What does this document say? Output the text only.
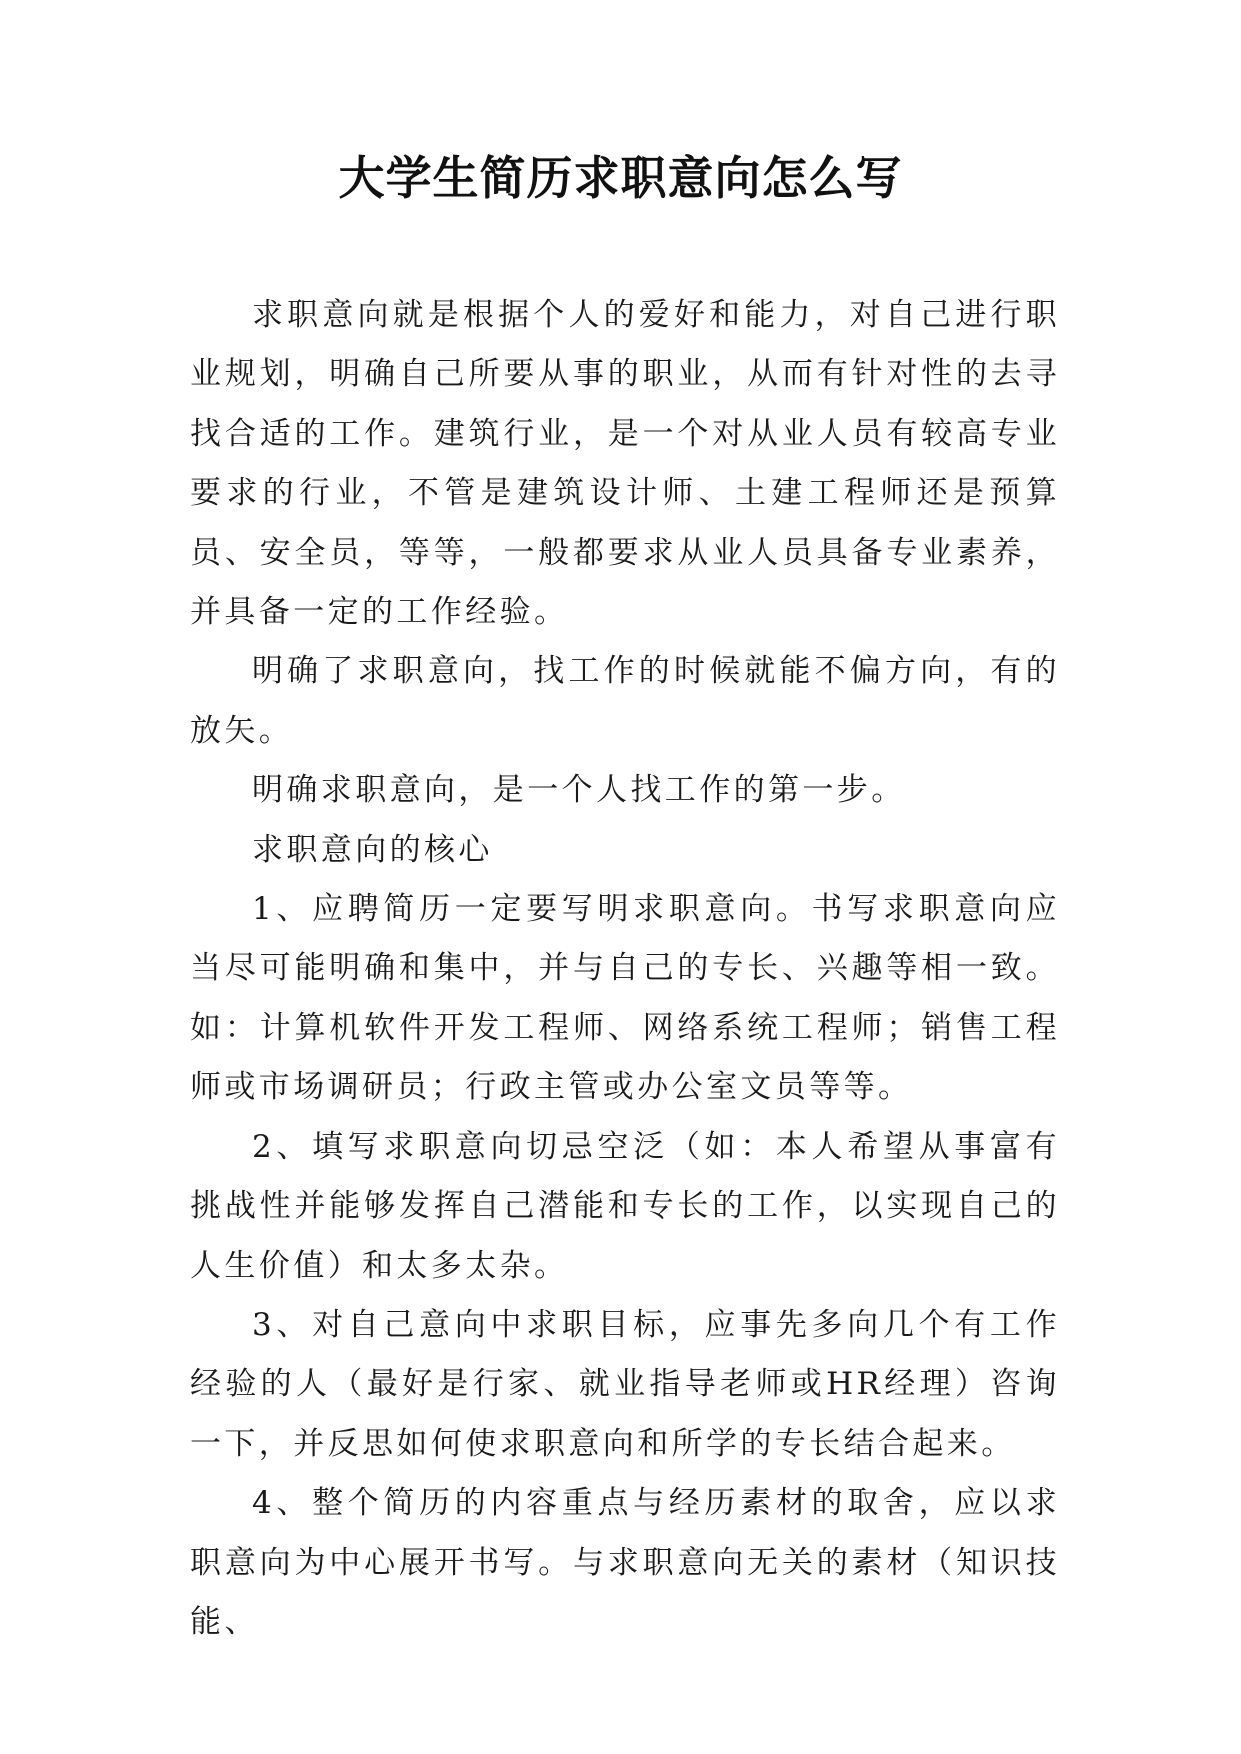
大学生简历求职意向怎么写

求职意向就是根据个人的爱好和能力，对自己进行职业规划，明确自己所要从事的职业，从而有针对性的去寻找合适的工作。建筑行业，是一个对从业人员有较高专业要求的行业，不管是建筑设计师、土建工程师还是预算员、安全员，等等，一般都要求从业人员具备专业素养，并具备一定的工作经验。

明确了求职意向，找工作的时候就能不偏方向，有的放矢。

明确求职意向，是一个人找工作的第一步。

求职意向的核心

1、应聘简历一定要写明求职意向。书写求职意向应当尽可能明确和集中，并与自己的专长、兴趣等相一致。如：计算机软件开发工程师、网络系统工程师；销售工程师或市场调研员；行政主管或办公室文员等等。

2、填写求职意向切忌空泛（如：本人希望从事富有挑战性并能够发挥自己潜能和专长的工作，以实现自己的人生价值）和太多太杂。

3、对自己意向中求职目标，应事先多向几个有工作经验的人（最好是行家、就业指导老师或HR经理）咨询一下，并反思如何使求职意向和所学的专长结合起来。

4、整个简历的内容重点与经历素材的取舍，应以求职意向为中心展开书写。与求职意向无关的素材（知识技能、
